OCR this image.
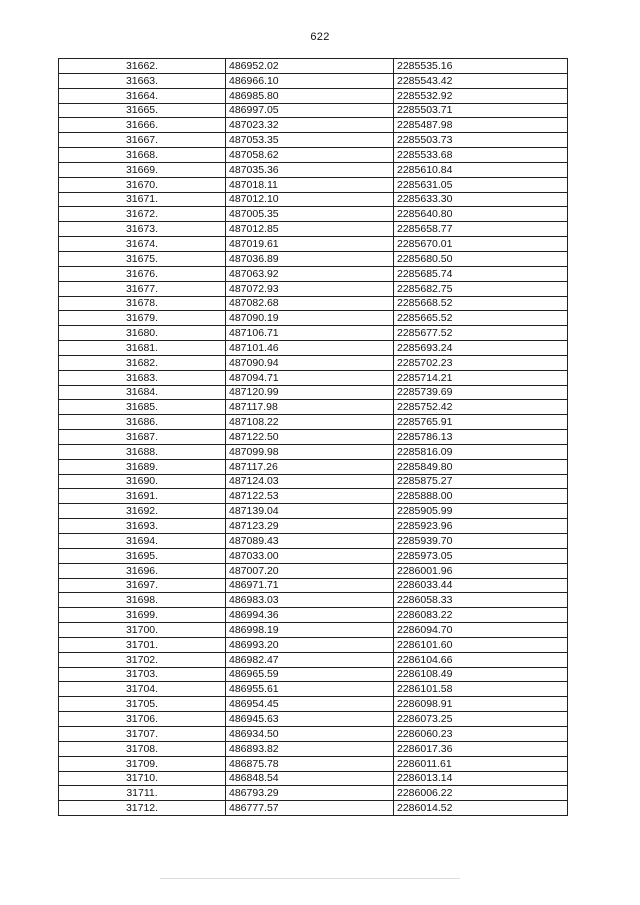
622
31662.	486952.02	2285535.16
31663.	486966.10	2285543.42
31664.	486985.80	2285532.92
31665.	486997.05	2285503.71
31666.	487023.32	2285487.98
31667.	487053.35	2285503.73
31668.	487058.62	2285533.68
31669.	487035.36	2285610.84
31670.	487018.11	2285631.05
31671.	487012.10	2285633.30
31672.	487005.35	2285640.80
31673.	487012.85	2285658.77
31674.	487019.61	2285670.01
31675.	487036.89	2285680.50
31676.	487063.92	2285685.74
31677.	487072.93	2285682.75
31678.	487082.68	2285668.52
31679.	487090.19	2285665.52
31680.	487106.71	2285677.52
31681.	487101.46	2285693.24
31682.	487090.94	2285702.23
31683.	487094.71	2285714.21
31684.	487120.99	2285739.69
31685.	487117.98	2285752.42
31686.	487108.22	2285765.91
31687.	487122.50	2285786.13
31688.	487099.98	2285816.09
31689.	487117.26	2285849.80
31690.	487124.03	2285875.27
31691.	487122.53	2285888.00
31692.	487139.04	2285905.99
31693.	487123.29	2285923.96
31694.	487089.43	2285939.70
31695.	487033.00	2285973.05
31696.	487007.20	2286001.96
31697.	486971.71	2286033.44
31698.	486983.03	2286058.33
31699.	486994.36	2286083.22
31700.	486998.19	2286094.70
31701.	486993.20	2286101.60
31702.	486982.47	2286104.66
31703.	486965.59	2286108.49
31704.	486955.61	2286101.58
31705.	486954.45	2286098.91
31706.	486945.63	2286073.25
31707.	486934.50	2286060.23
31708.	486893.82	2286017.36
31709.	486875.78	2286011.61
31710.	486848.54	2286013.14
31711.	486793.29	2286006.22
31712.	486777.57	2286014.52
